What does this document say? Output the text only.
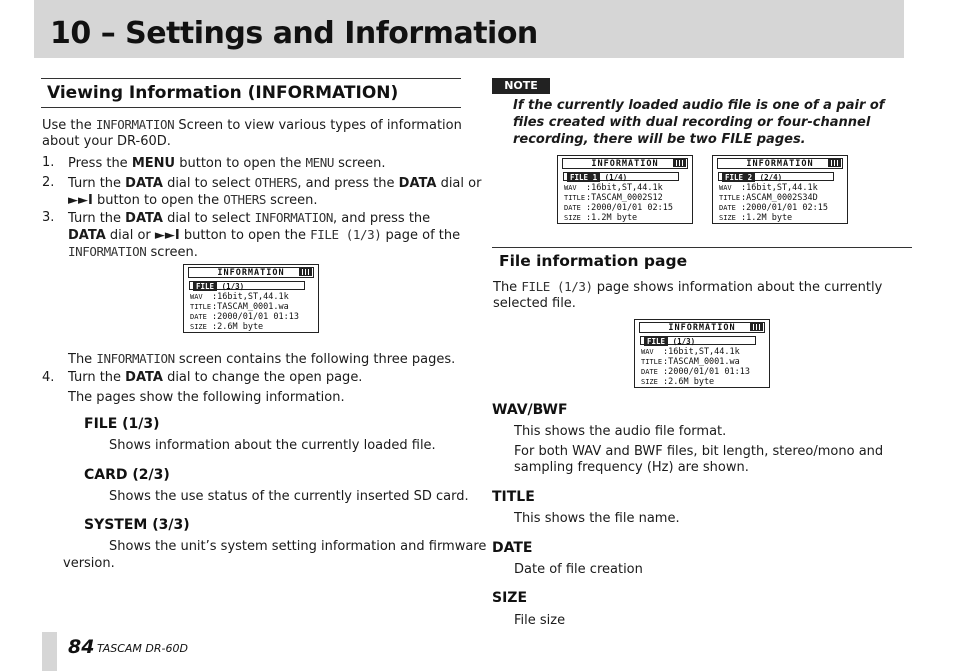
10 – Settings and Information
Viewing Information (INFORMATION)
Use the INFORMATION Screen to view various types of information
about your DR-60D.
1. Press the MENU button to open the MENU screen.
2. Turn the DATA dial to select OTHERS, and press the DATA dial or
►►I button to open the OTHERS screen.
3. Turn the DATA dial to select INFORMATION, and press the
DATA dial or ►►I button to open the FILE (1/3) page of the
INFORMATION screen.
INFORMATION
FILE (1/3)
WAV :16bit,ST,44.1k
TITLE:TASCAM_0001.wa
DATE :2000/01/01 01:13
SIZE :2.6M byte
The INFORMATION screen contains the following three pages.
4. Turn the DATA dial to change the open page.
The pages show the following information.
FILE (1/3)
Shows information about the currently loaded file.
CARD (2/3)
Shows the use status of the currently inserted SD card.
SYSTEM (3/3)
Shows the unit’s system setting information and firmware
version.
NOTE
If the currently loaded audio file is one of a pair of files created with dual recording or four-channel recording, there will be two FILE pages.
INFORMATION
FILE 1 (1/4)
WAV :16bit,ST,44.1k
TITLE:TASCAM_0002S12
DATE :2000/01/01 02:15
SIZE :1.2M byte
INFORMATION
FILE 2 (2/4)
WAV :16bit,ST,44.1k
TITLE:ASCAM_0002S34D
DATE :2000/01/01 02:15
SIZE :1.2M byte
File information page
The FILE (1/3) page shows information about the currently
selected file.
INFORMATION
FILE (1/3)
WAV :16bit,ST,44.1k
TITLE:TASCAM_0001.wa
DATE :2000/01/01 01:13
SIZE :2.6M byte
WAV/BWF
This shows the audio file format.
For both WAV and BWF files, bit length, stereo/mono and
sampling frequency (Hz) are shown.
TITLE
This shows the file name.
DATE
Date of file creation
SIZE
File size
84 TASCAM DR-60D
